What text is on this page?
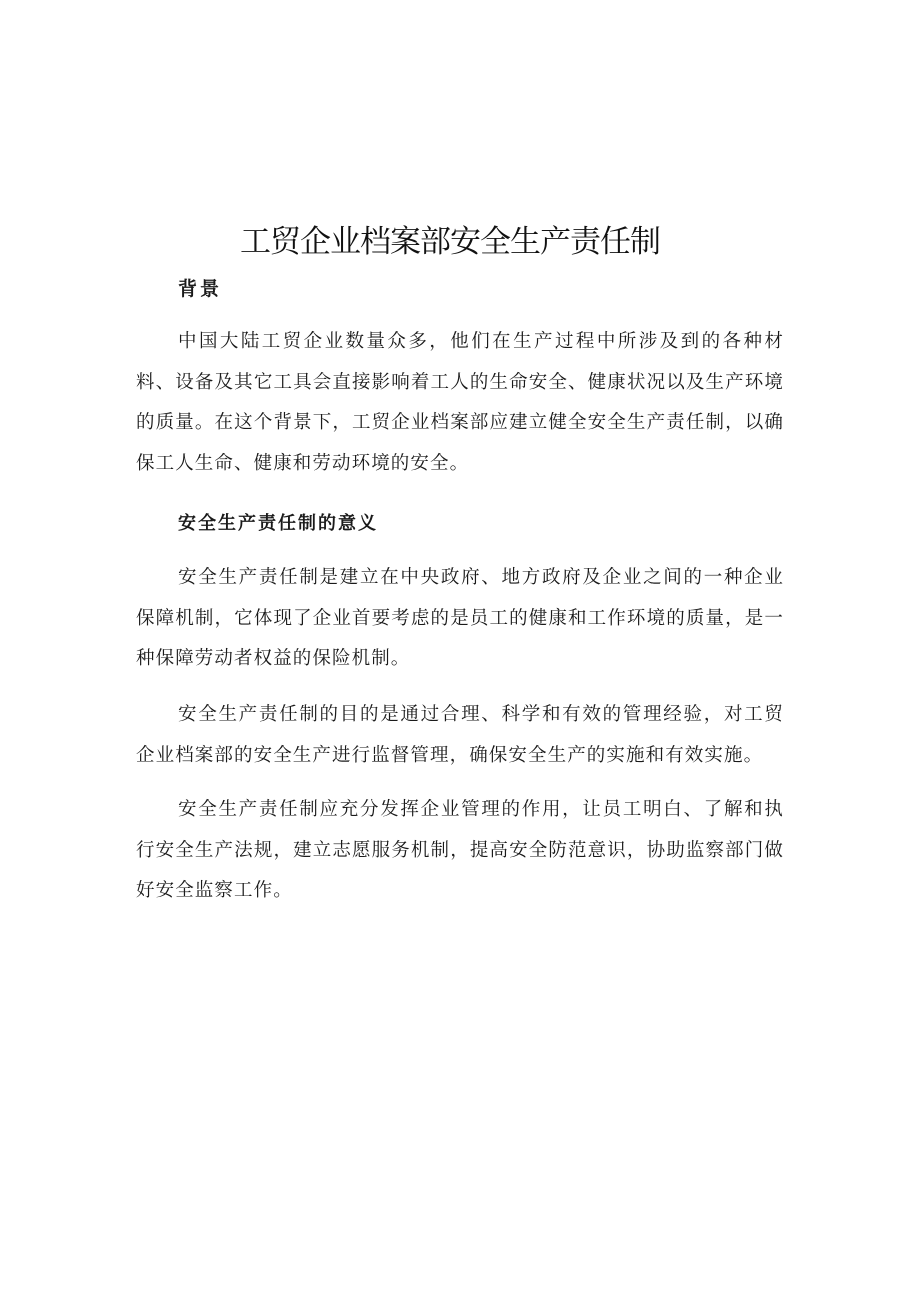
工贸企业档案部安全生产责任制
背景

中国大陆工贸企业数量众多，他们在生产过程中所涉及到的各种材料、设备及其它工具会直接影响着工人的生命安全、健康状况以及生产环境的质量。在这个背景下，工贸企业档案部应建立健全安全生产责任制，以确保工人生命、健康和劳动环境的安全。

安全生产责任制的意义

安全生产责任制是建立在中央政府、地方政府及企业之间的一种企业保障机制，它体现了企业首要考虑的是员工的健康和工作环境的质量，是一种保障劳动者权益的保险机制。

安全生产责任制的目的是通过合理、科学和有效的管理经验，对工贸企业档案部的安全生产进行监督管理，确保安全生产的实施和有效实施。

安全生产责任制应充分发挥企业管理的作用，让员工明白、了解和执行安全生产法规，建立志愿服务机制，提高安全防范意识，协助监察部门做好安全监察工作。
